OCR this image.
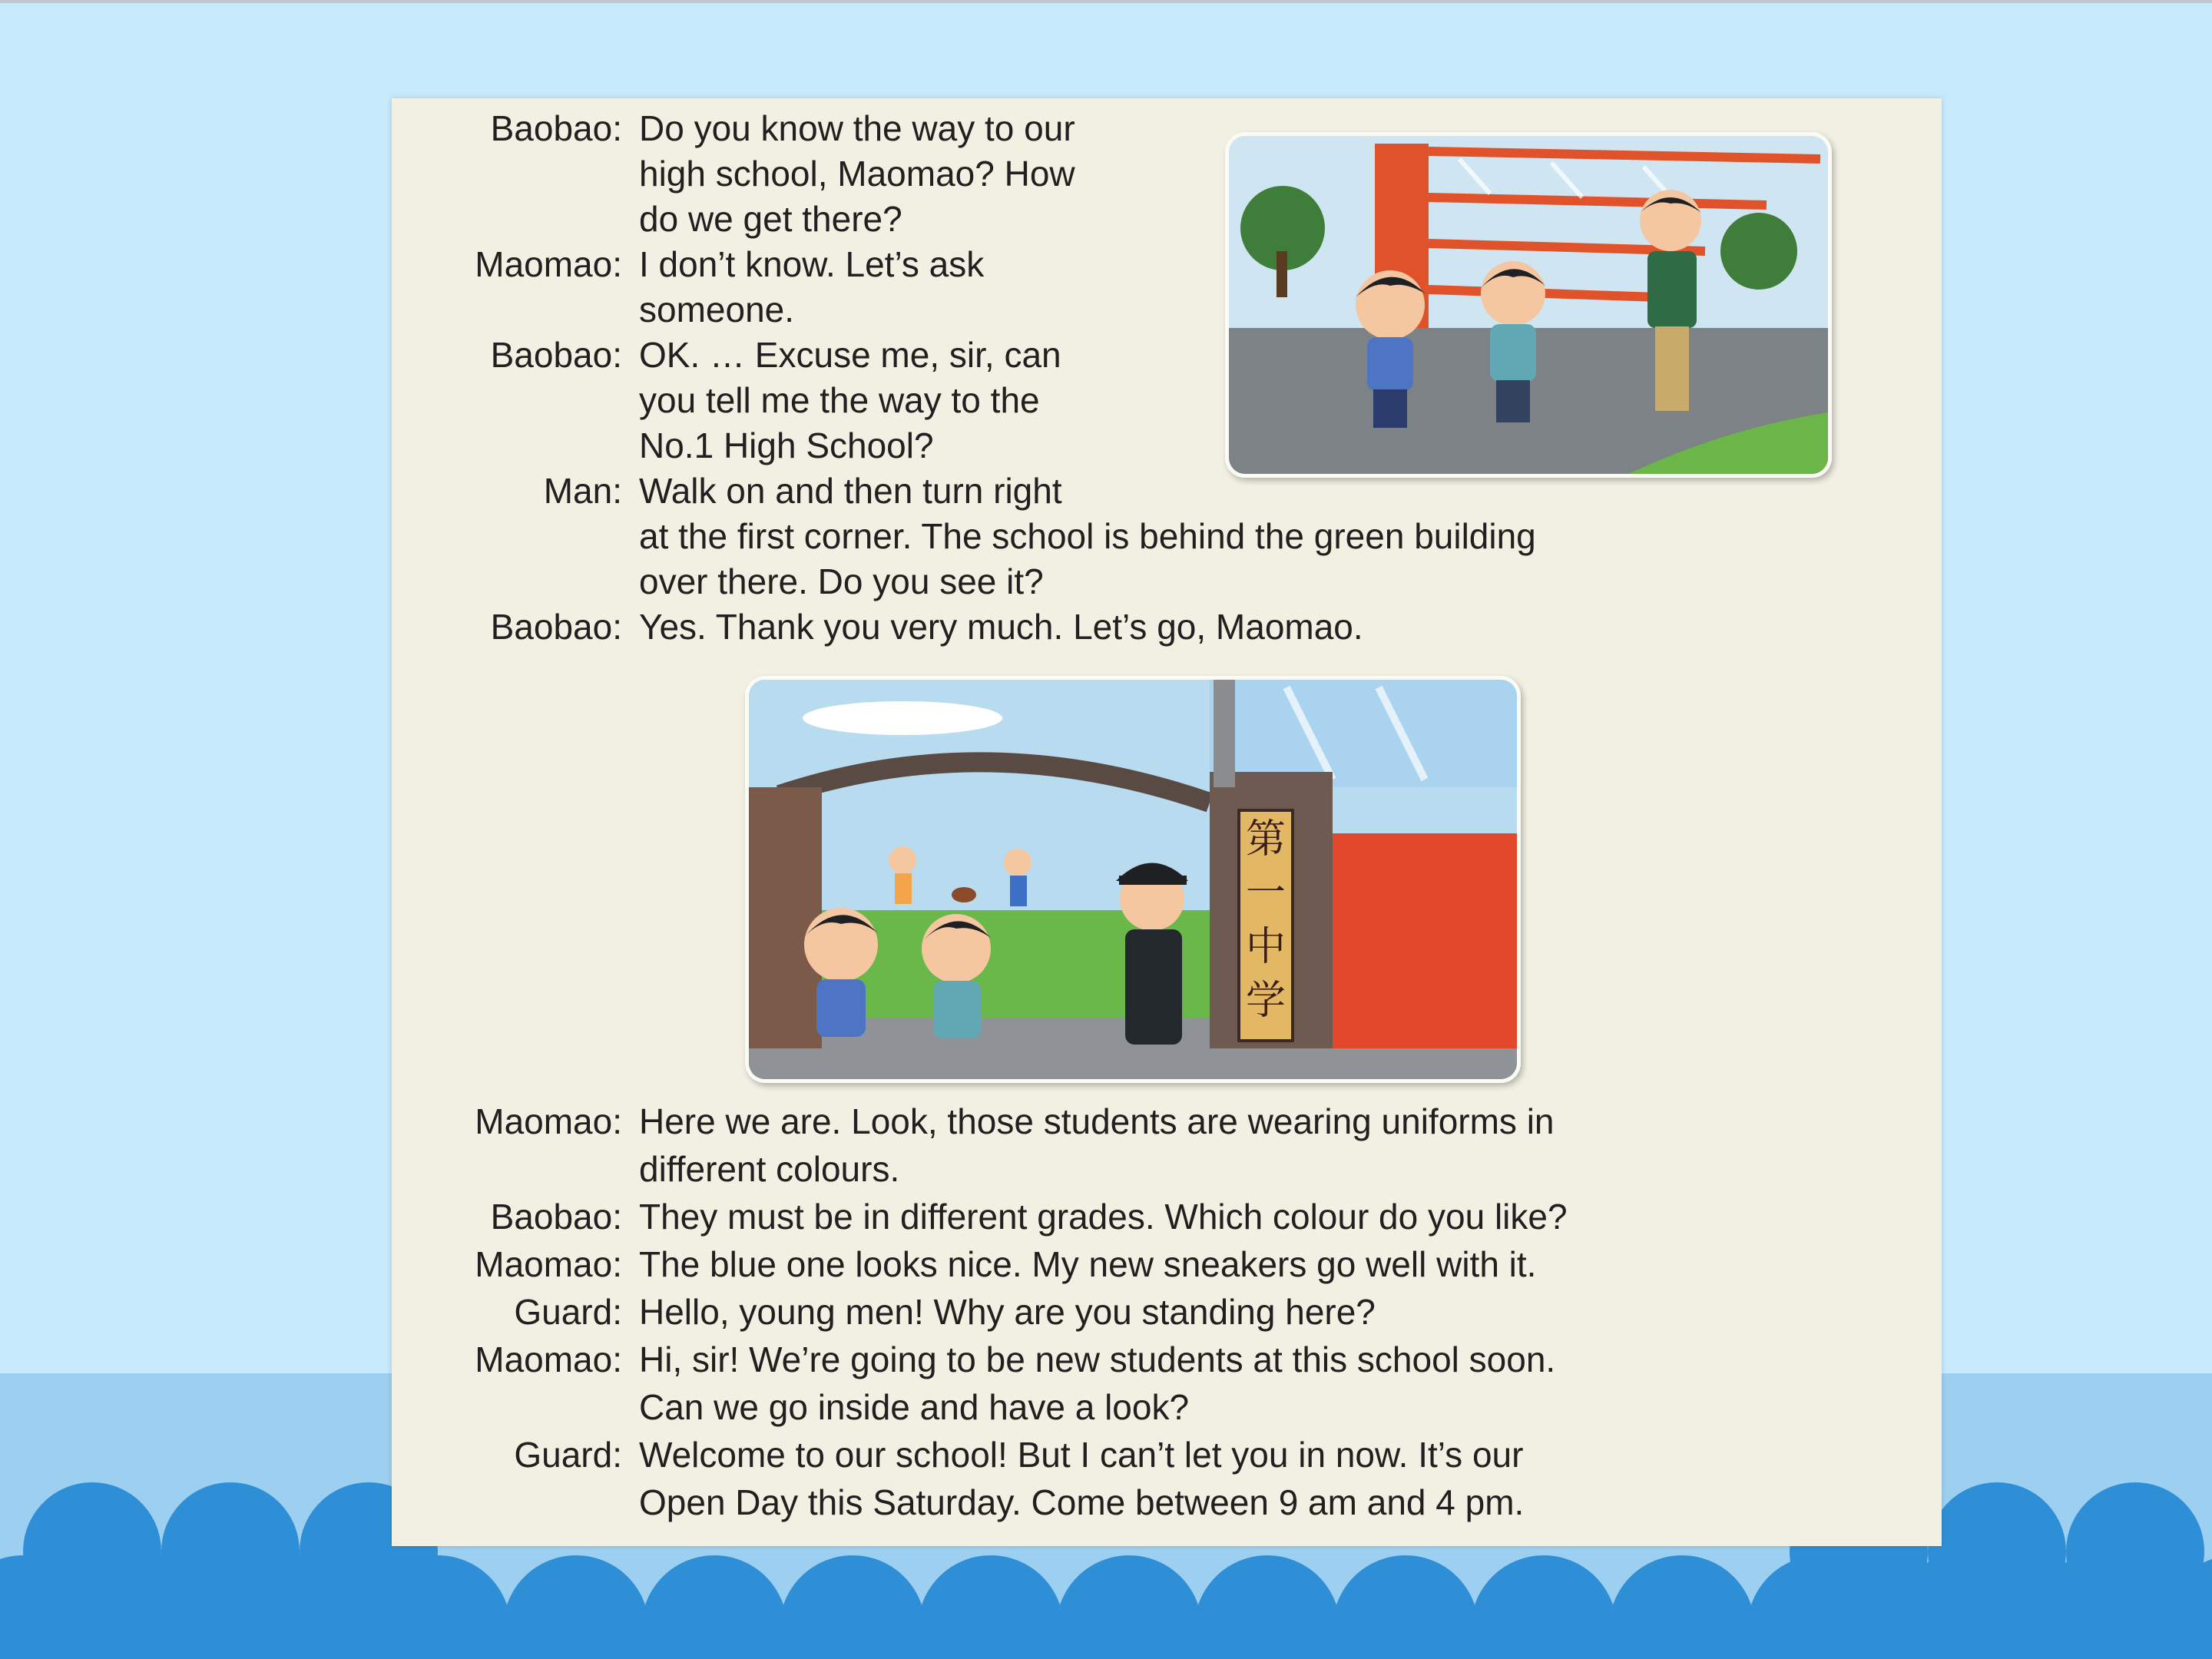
Baobao: Do you know the way to our
high school, Maomao? How
do we get there?
Maomao: I don’t know. Let’s ask
someone.
Baobao: OK. … Excuse me, sir, can
you tell me the way to the
No.1 High School?
Man: Walk on and then turn right
at the first corner. The school is behind the green building
over there. Do you see it?
Baobao: Yes. Thank you very much. Let’s go, Maomao.
第
一
中
学
Maomao: Here we are. Look, those students are wearing uniforms in
different colours.
Baobao: They must be in different grades. Which colour do you like?
Maomao: The blue one looks nice. My new sneakers go well with it.
Guard: Hello, young men! Why are you standing here?
Maomao: Hi, sir! We’re going to be new students at this school soon.
Can we go inside and have a look?
Guard: Welcome to our school! But I can’t let you in now. It’s our
Open Day this Saturday. Come between 9 am and 4 pm.
